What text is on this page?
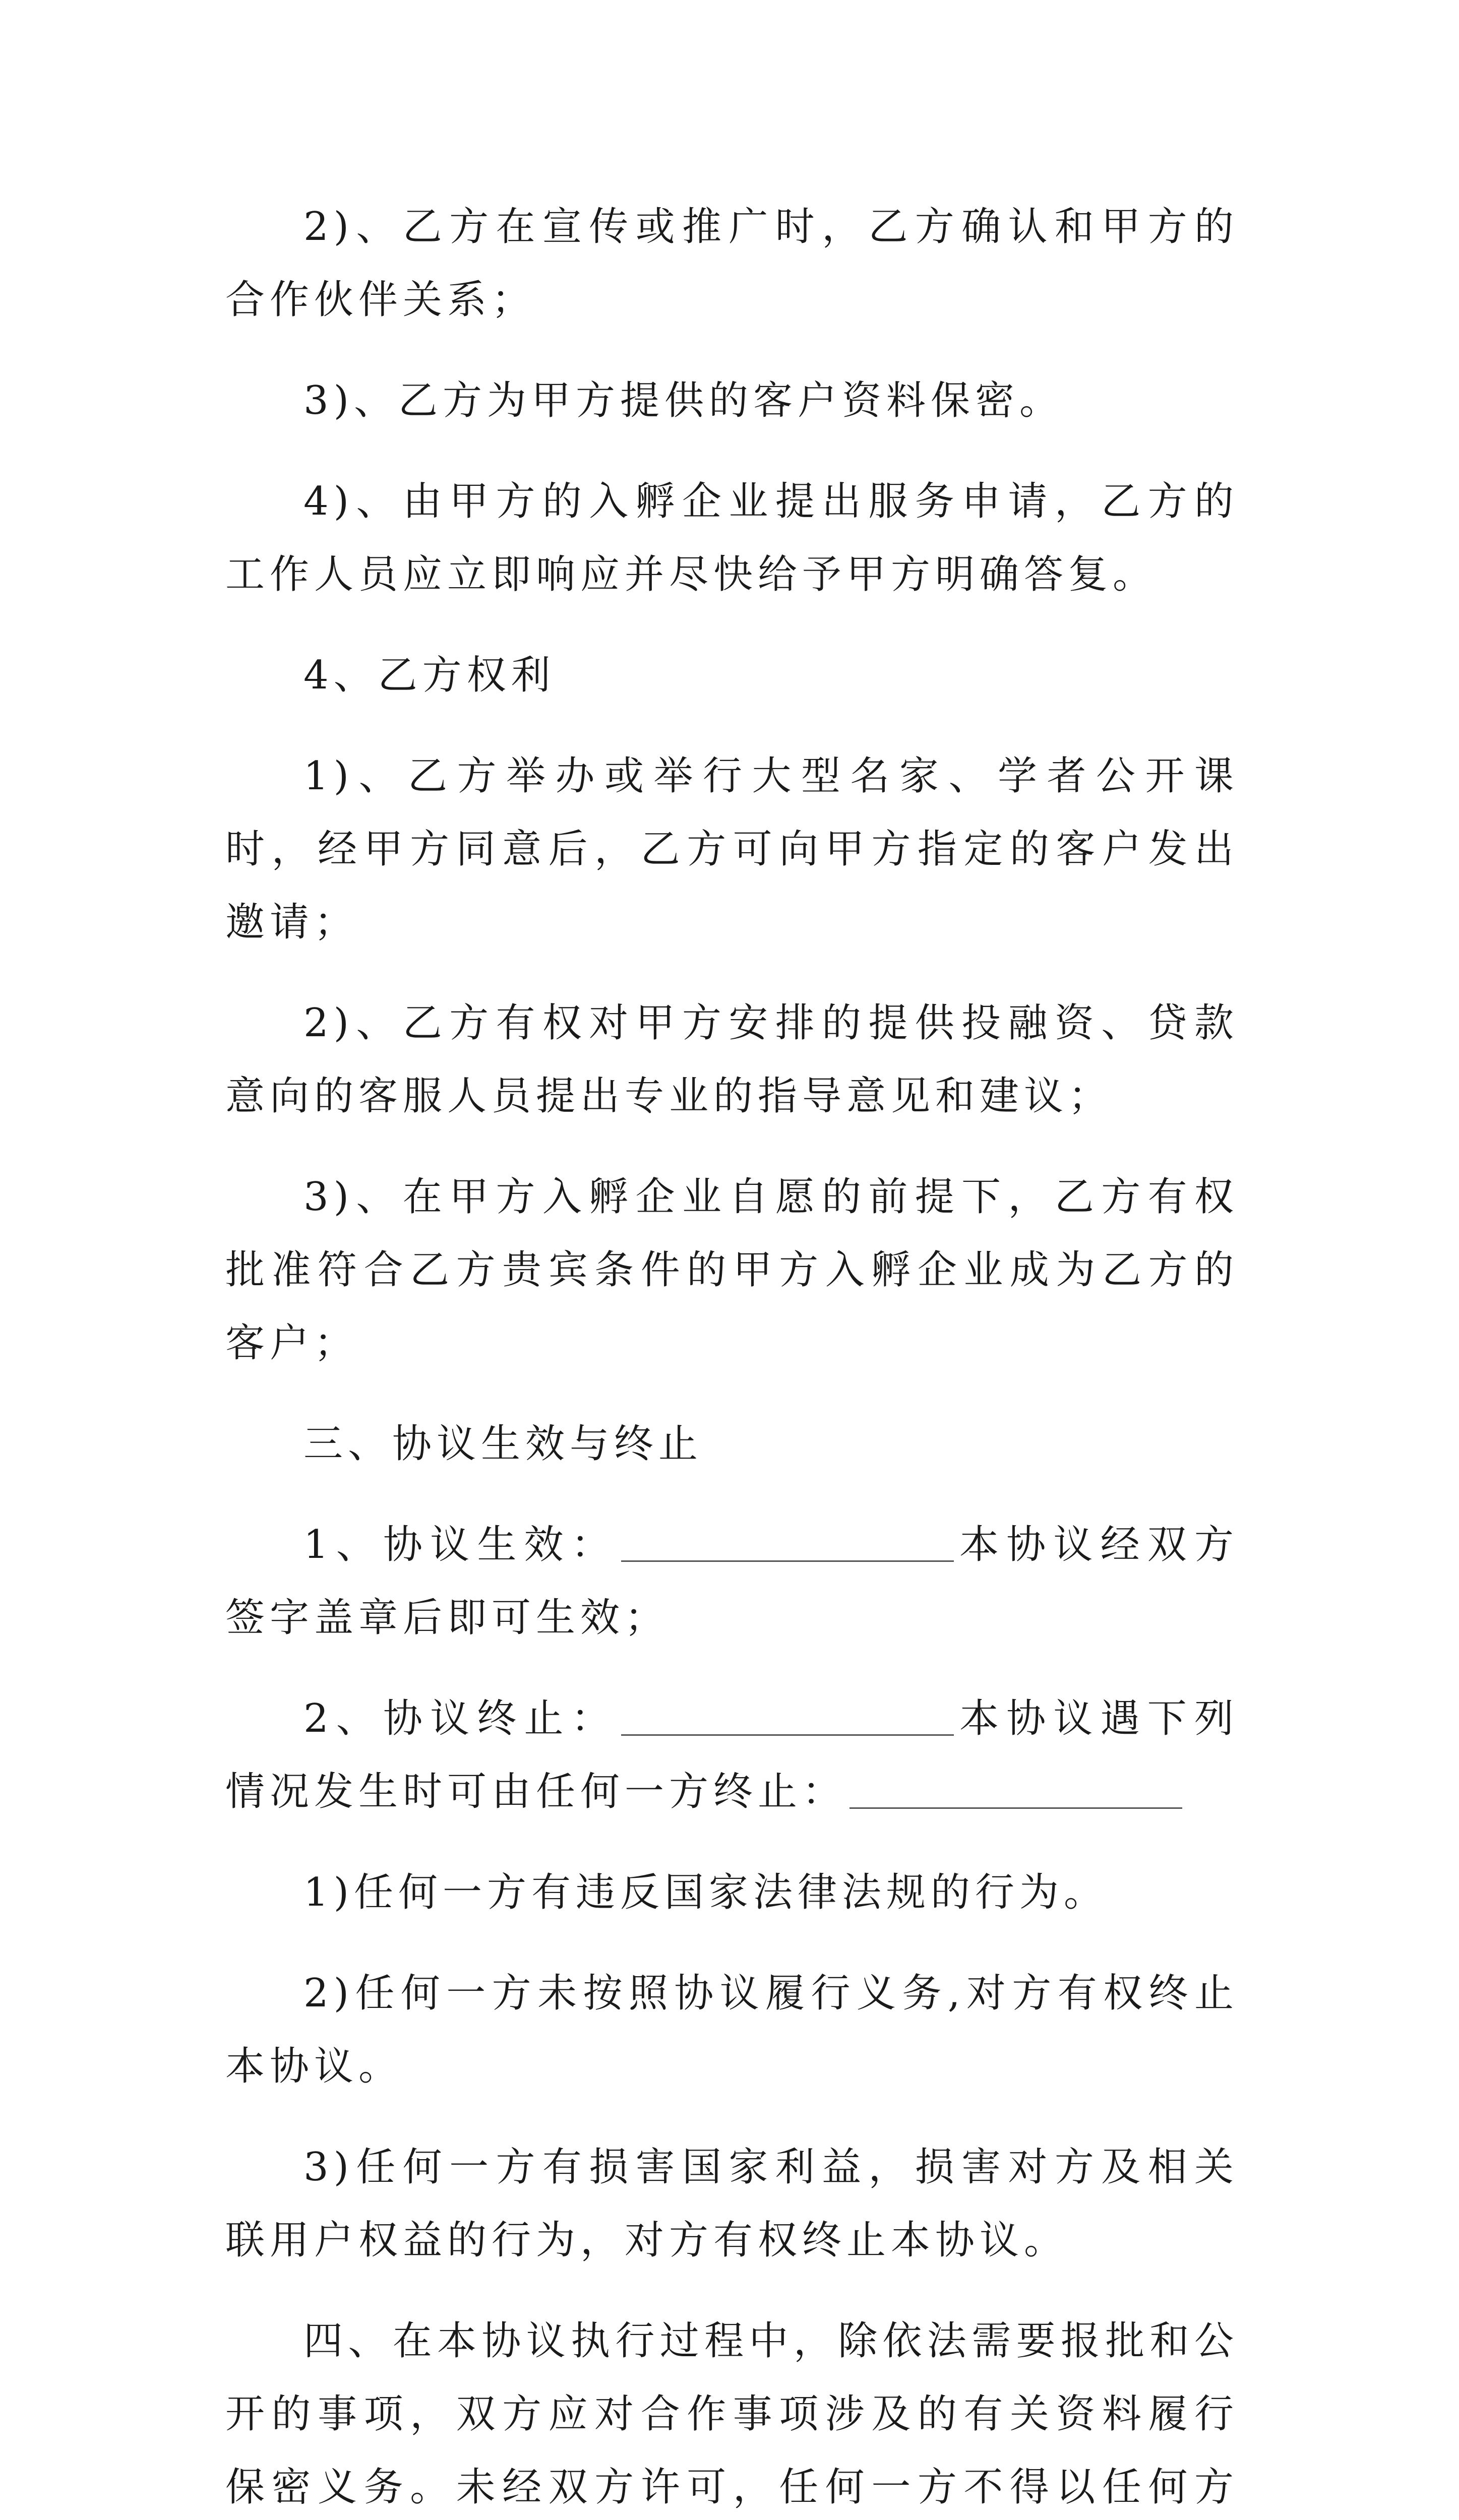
2)、乙方在宣传或推广时，乙方确认和甲方的合作伙伴关系；

3)、乙方为甲方提供的客户资料保密。

4)、由甲方的入孵企业提出服务申请，乙方的工作人员应立即响应并尽快给予甲方明确答复。

4、乙方权利

1)、乙方举办或举行大型名家、学者公开课时，经甲方同意后，乙方可向甲方指定的客户发出邀请；

2)、乙方有权对甲方安排的提供投融资、贷款意向的客服人员提出专业的指导意见和建议；

3)、在甲方入孵企业自愿的前提下，乙方有权批准符合乙方贵宾条件的甲方入孵企业成为乙方的客户；

三、协议生效与终止

1、协议生效：	本协议经双方签字盖章后即可生效；

2、协议终止：	本协议遇下列情况发生时可由任何一方终止：

1)任何一方有违反国家法律法规的行为。

2)任何一方未按照协议履行义务,对方有权终止本协议。

3)任何一方有损害国家利益，损害对方及相关联用户权益的行为，对方有权终止本协议。

四、在本协议执行过程中，除依法需要报批和公开的事项，双方应对合作事项涉及的有关资料履行保密义务。未经双方许可，任何一方不得以任何方
